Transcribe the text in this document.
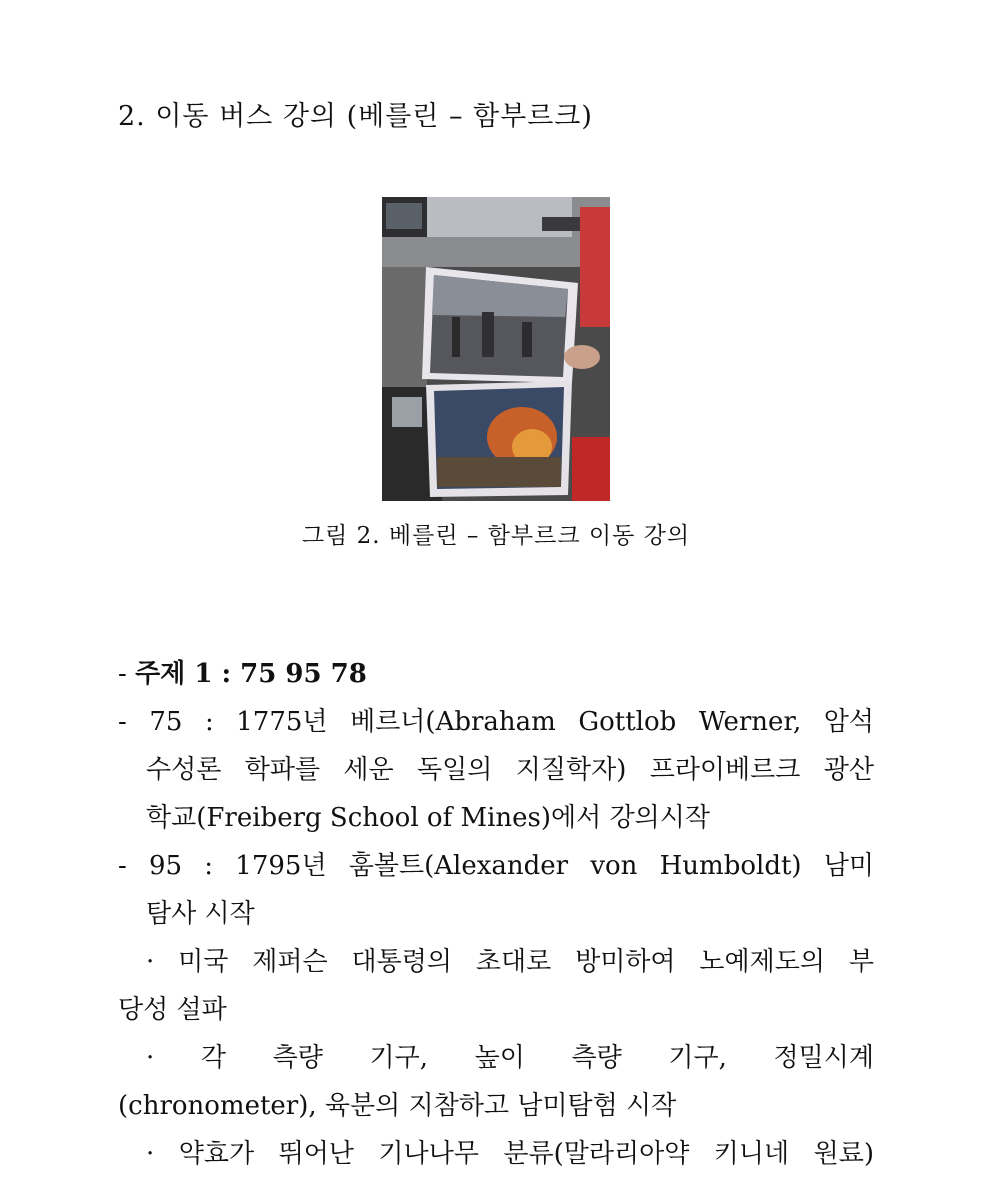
2. 이동 버스 강의 (베를린 – 함부르크)
그림 2. 베를린 – 함부르크 이동 강의
- 주제 1 : 75 95 78
- 75 : 1775년 베르너(Abraham Gottlob Werner, 암석
수성론 학파를 세운 독일의 지질학자) 프라이베르크 광산
학교(Freiberg School of Mines)에서 강의시작
- 95 : 1795년 훔볼트(Alexander von Humboldt) 남미
탐사 시작
· 미국 제퍼슨 대통령의 초대로 방미하여 노예제도의 부
당성 설파
· 각 측량 기구, 높이 측량 기구, 정밀시계
(chronometer), 육분의 지참하고 남미탐험 시작
· 약효가 뛰어난 기나나무 분류(말라리아약 키니네 원료)
